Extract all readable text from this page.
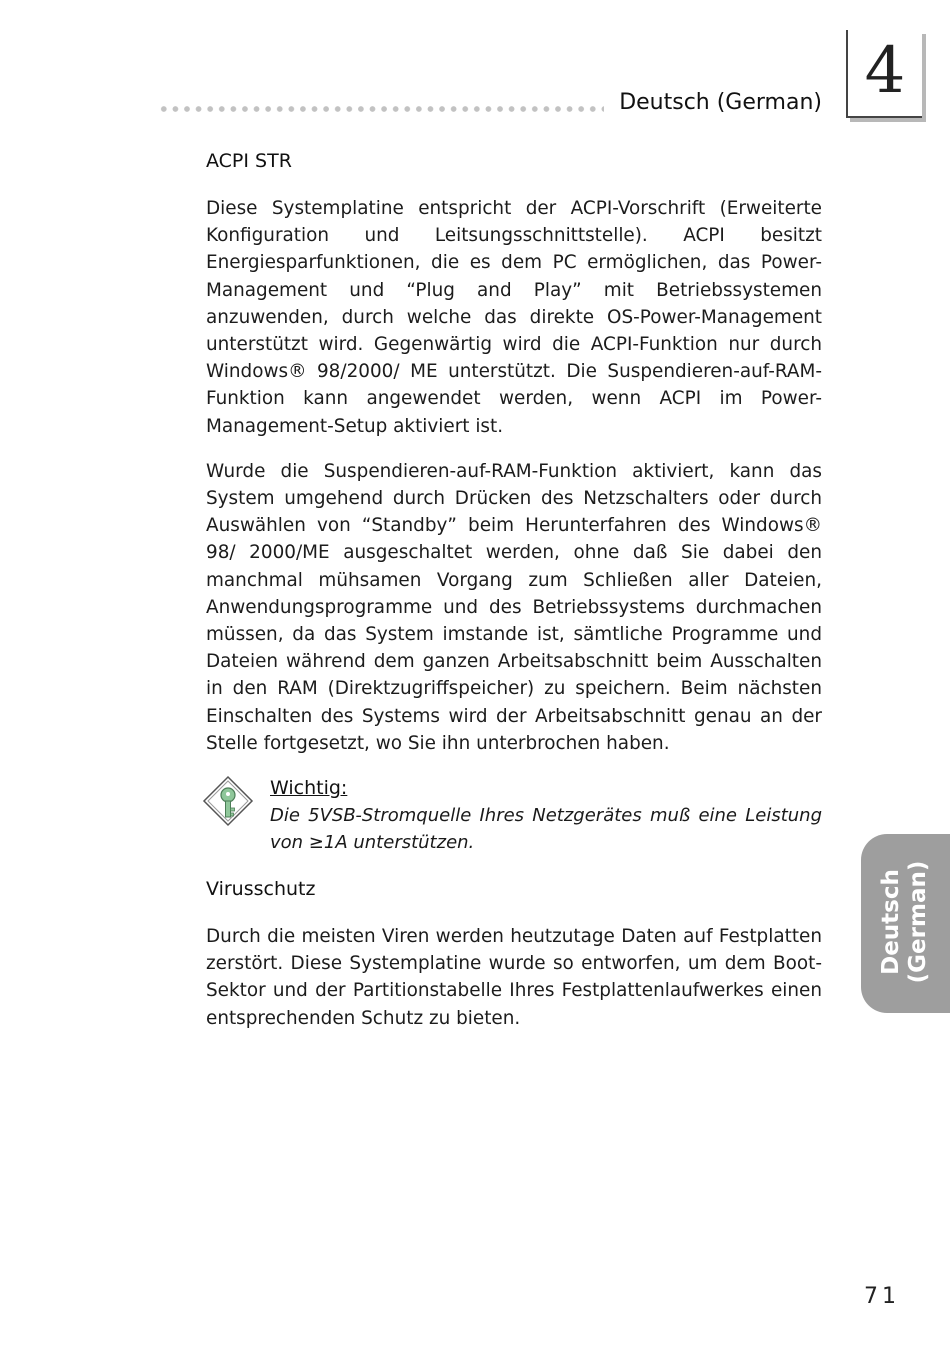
Deutsch (German) 4
Deutsch (German)
ACPI STR

Diese Systemplatine entspricht der ACPI-Vorschrift (Erweiterte Konfiguration und Leitsungsschnittstelle). ACPI besitzt Energiesparfunktionen, die es dem PC ermöglichen, das Power-Management und “Plug and Play” mit Betriebssystemen anzuwenden, durch welche das direkte OS-Power-Management unterstützt wird. Gegenwärtig wird die ACPI-Funktion nur durch Windows® 98/2000/ ME unterstützt. Die Suspendieren-auf-RAM-Funktion kann angewendet werden, wenn ACPI im Power-Management-Setup aktiviert ist.

Wurde die Suspendieren-auf-RAM-Funktion aktiviert, kann das System umgehend durch Drücken des Netzschalters oder durch Auswählen von “Standby” beim Herunterfahren des Windows® 98/ 2000/ME ausgeschaltet werden, ohne daß Sie dabei den manchmal mühsamen Vorgang zum Schließen aller Dateien, Anwendungsprogramme und des Betriebssystems durchmachen müssen, da das System imstande ist, sämtliche Programme und Dateien während dem ganzen Arbeitsabschnitt beim Ausschalten in den RAM (Direktzugriffspeicher) zu speichern. Beim nächsten Einschalten des Systems wird der Arbeitsabschnitt genau an der Stelle fortgesetzt, wo Sie ihn unterbrochen haben.

Wichtig:

Die 5VSB-Stromquelle Ihres Netzgerätes muß eine Leistung von ≥1A unterstützen.

Virusschutz

Durch die meisten Viren werden heutzutage Daten auf Festplatten zerstört. Diese Systemplatine wurde so entworfen, um dem Boot-Sektor und der Partitionstabelle Ihres Festplattenlaufwerkes einen entsprechenden Schutz zu bieten.

71
